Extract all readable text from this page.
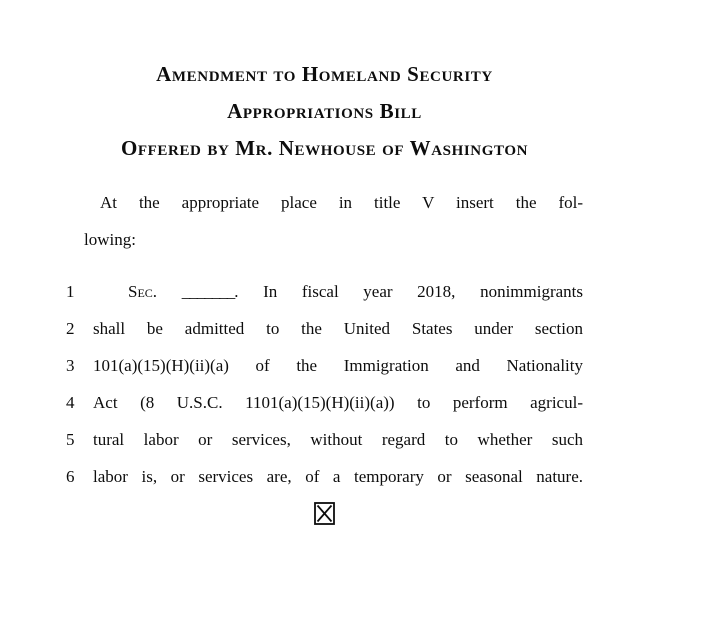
Amendment to Homeland Security
Appropriations Bill
Offered by Mr. Newhouse of Washington
At the appropriate place in title V insert the fol-
lowing:
1	Sec. _______. In fiscal year 2018, nonimmigrants
2 shall be admitted to the United States under section
3 101(a)(15)(H)(ii)(a) of the Immigration and Nationality
4 Act (8 U.S.C. 1101(a)(15)(H)(ii)(a)) to perform agricul-
5 tural labor or services, without regard to whether such
6 labor is, or services are, of a temporary or seasonal nature.
